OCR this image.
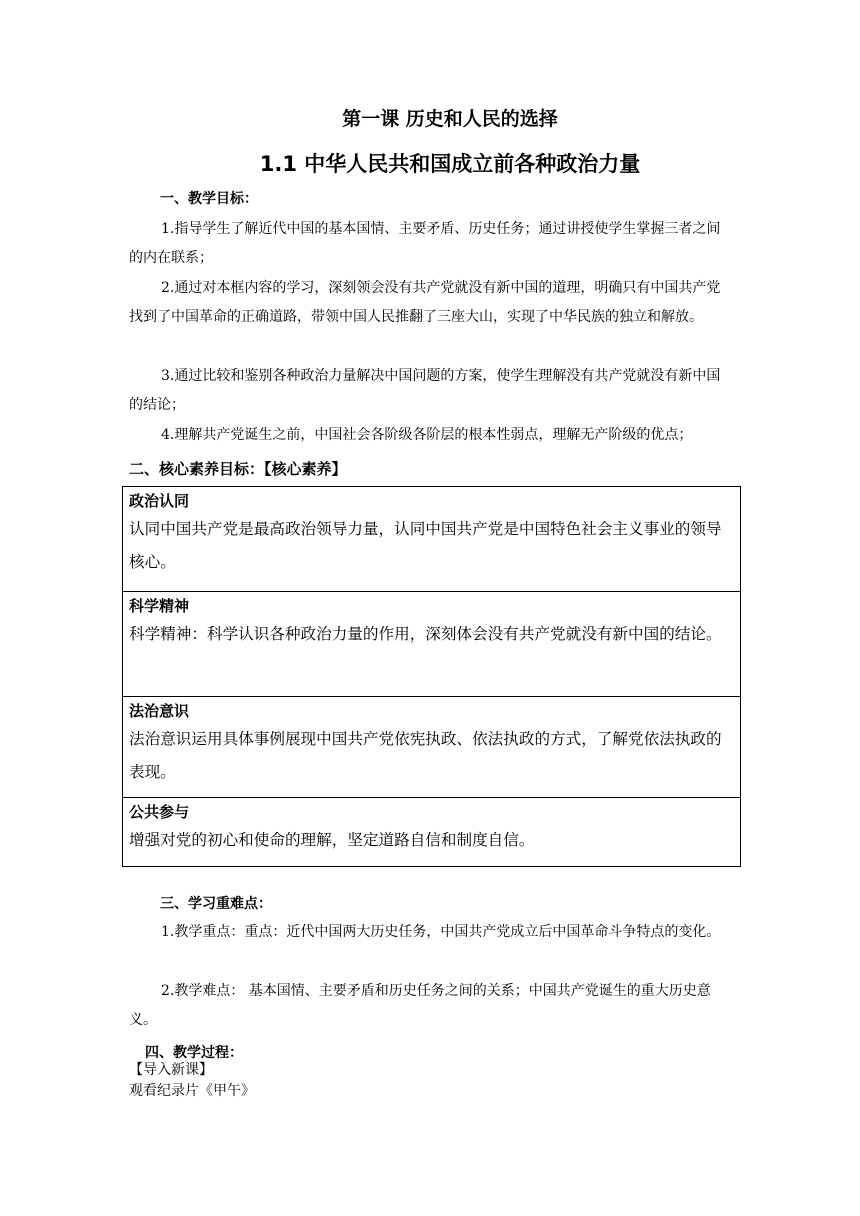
第一课 历史和人民的选择
1.1 中华人民共和国成立前各种政治力量
一、教学目标：
1.指导学生了解近代中国的基本国情、主要矛盾、历史任务；通过讲授使学生掌握三者之间的内在联系；
2.通过对本框内容的学习，深刻领会没有共产党就没有新中国的道理，明确只有中国共产党找到了中国革命的正确道路，带领中国人民推翻了三座大山，实现了中华民族的独立和解放。
3.通过比较和鉴别各种政治力量解决中国问题的方案，使学生理解没有共产党就没有新中国的结论；
4.理解共产党诞生之前，中国社会各阶级各阶层的根本性弱点，理解无产阶级的优点；
二、核心素养目标：【核心素养】
政治认同
认同中国共产党是最高政治领导力量，认同中国共产党是中国特色社会主义事业的领导核心。

科学精神
科学精神：科学认识各种政治力量的作用，深刻体会没有共产党就没有新中国的结论。

法治意识
法治意识运用具体事例展现中国共产党依宪执政、依法执政的方式，了解党依法执政的表现。

公共参与
增强对党的初心和使命的理解，坚定道路自信和制度自信。
三、学习重难点：
1.教学重点：重点：近代中国两大历史任务，中国共产党成立后中国革命斗争特点的变化。
2.教学难点： 基本国情、主要矛盾和历史任务之间的关系；中国共产党诞生的重大历史意义。
四、教学过程：
【导入新课】
观看纪录片《甲午》
